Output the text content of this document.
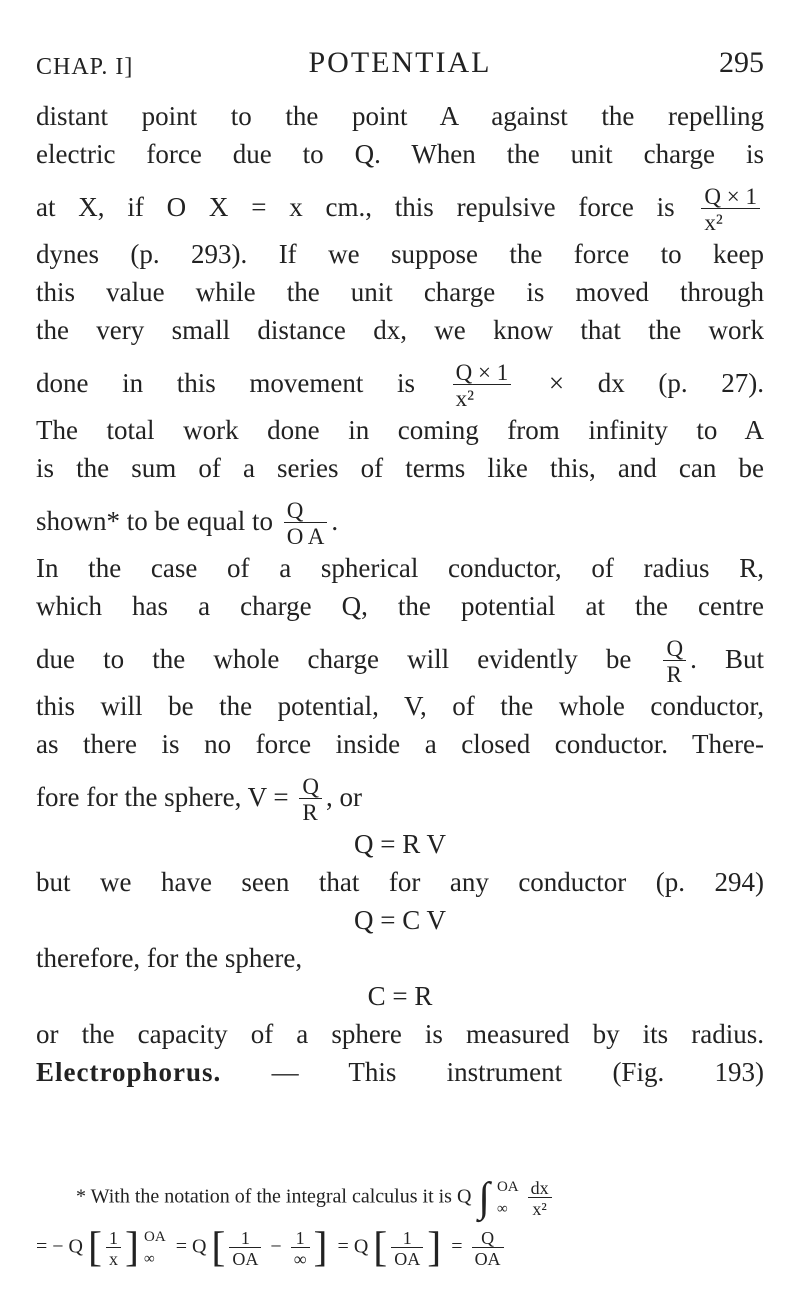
CHAP. I]	POTENTIAL	295
distant point to the point A against the repelling
electric force due to Q. When the unit charge is
at X, if O X = x cm., this repulsive force is $\frac{Q \times 1}{\text{x²}}$
dynes (p. 293). If we suppose the force to keep
this value while the unit charge is moved through
the very small distance dx, we know that the work
done in this movement is $\frac{Q \times 1}{\text{x²}}$ × dx (p. 27).
The total work done in coming from infinity to A
is the sum of a series of terms like this, and can be
shown* to be equal to $\frac{Q}{\text{O A}}$ .
In the case of a spherical conductor, of radius R,
which has a charge Q, the potential at the centre
due to the whole charge will evidently be $\frac{Q}{R}$ . But
this will be the potential, V, of the whole conductor,
as there is no force inside a closed conductor. There-
fore for the sphere, $V = \frac{Q}{R}$ , or
Q = R V
but we have seen that for any conductor (p. 294)
Q = C V
therefore, for the sphere,
C = R
or the capacity of a sphere is measured by its radius.
Electrophorus. — This instrument (Fig. 193)
* With the notation of the integral calculus it is Q ∫ OA
∞
	$\frac{dx}{\text{x²}}$
= − Q [ $\frac{1}{x}$ ] OA
∞
= Q [ $\frac{1}{OA} - \frac{1}{\infty}$ ] = Q [ $\frac{1}{OA}$ ] = $\frac{Q}{OA}$
